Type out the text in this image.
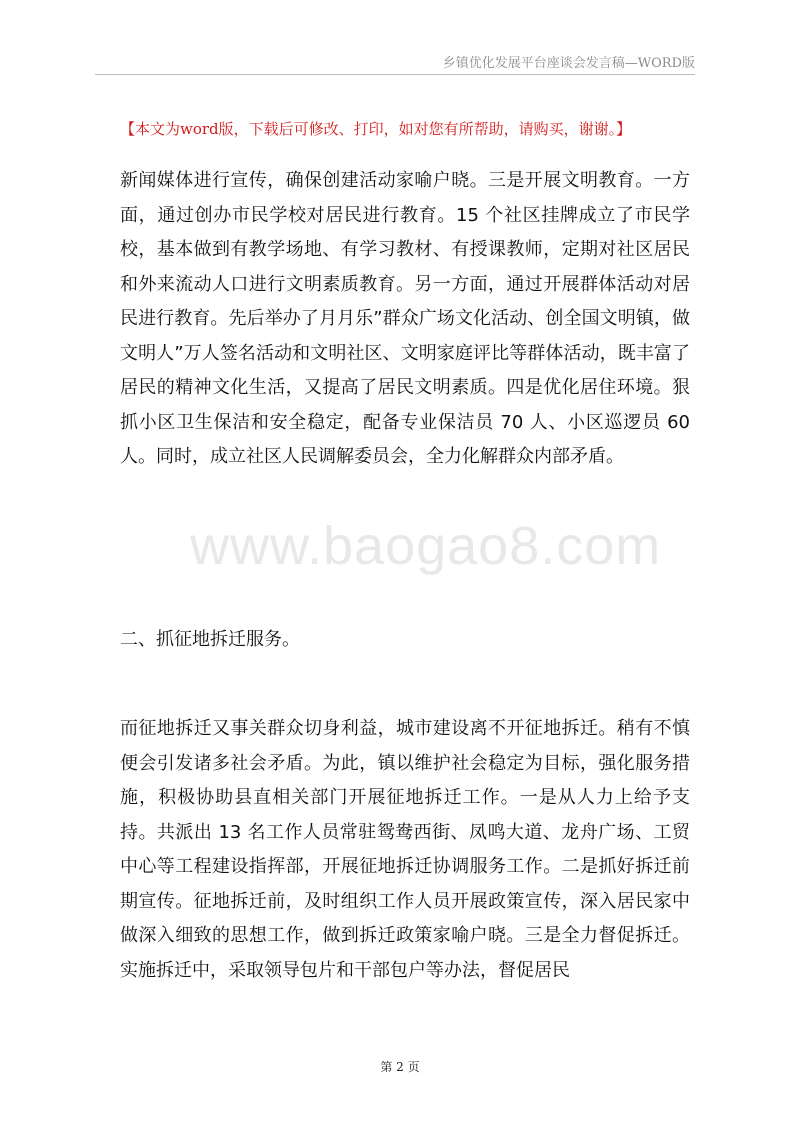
乡镇优化发展平台座谈会发言稿—WORD版
【本文为word版，下载后可修改、打印，如对您有所帮助，请购买，谢谢。】

新闻媒体进行宣传，确保创建活动家喻户晓。三是开展文明教育。一方面，通过创办市民学校对居民进行教育。15 个社区挂牌成立了市民学校，基本做到有教学场地、有学习教材、有授课教师，定期对社区居民和外来流动人口进行文明素质教育。另一方面，通过开展群体活动对居民进行教育。先后举办了月月乐”群众广场文化活动、创全国文明镇，做文明人”万人签名活动和文明社区、文明家庭评比等群体活动，既丰富了居民的精神文化生活，又提高了居民文明素质。四是优化居住环境。狠抓小区卫生保洁和安全稳定，配备专业保洁员 70 人、小区巡逻员 60 人。同时，成立社区人民调解委员会，全力化解群众内部矛盾。

二、抓征地拆迁服务。

而征地拆迁又事关群众切身利益，城市建设离不开征地拆迁。稍有不慎便会引发诸多社会矛盾。为此，镇以维护社会稳定为目标，强化服务措施，积极协助县直相关部门开展征地拆迁工作。一是从人力上给予支持。共派出 13 名工作人员常驻鸳鸯西街、凤鸣大道、龙舟广场、工贸中心等工程建设指挥部，开展征地拆迁协调服务工作。二是抓好拆迁前期宣传。征地拆迁前，及时组织工作人员开展政策宣传，深入居民家中做深入细致的思想工作，做到拆迁政策家喻户晓。三是全力督促拆迁。实施拆迁中，采取领导包片和干部包户等办法，督促居民

www.baogao8.com
第 2 页
